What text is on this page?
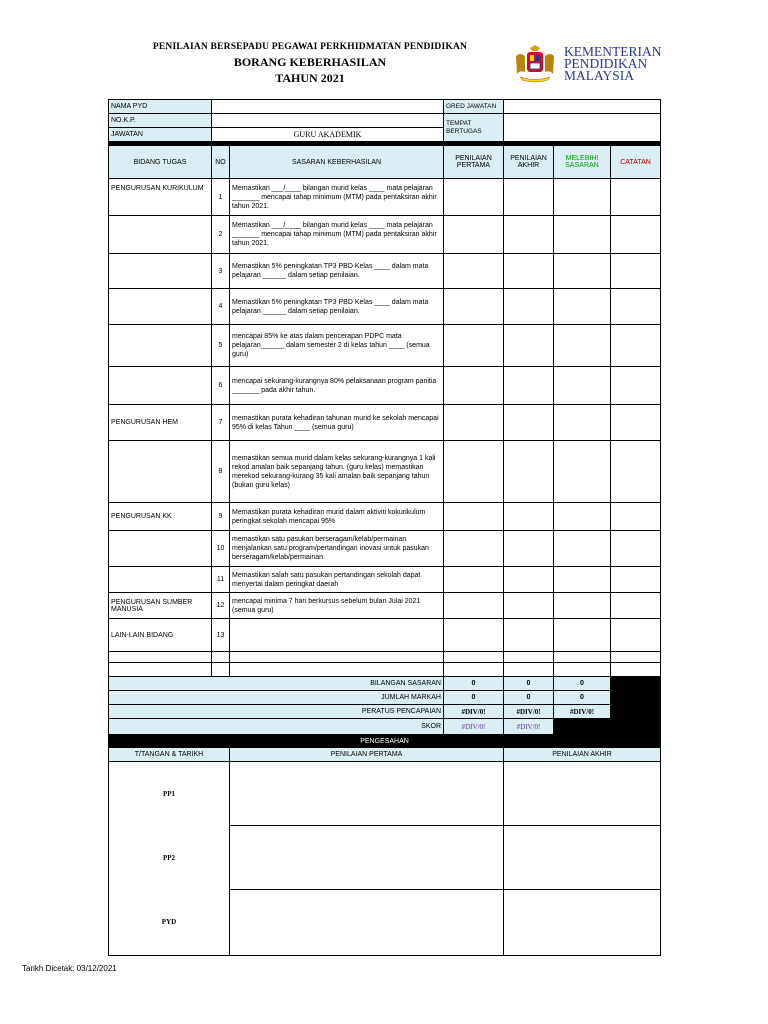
PENILAIAN BERSEPADU PEGAWAI PERKHIDMATAN PENDIDIKAN
BORANG KEBERHASILAN
TAHUN 2021
KEMENTERIAN
PENDIDIKAN
MALAYSIA
NAMA PYD			GRED JAWATAN			
NO.K.P.			TEMPAT BERTUGAS			
JAWATAN	GURU AKADEMIK					

BIDANG TUGAS	NO	SASARAN KEBERHASILAN	PENILAIAN PERTAMA	PENILAIAN AKHIR	MELEBIHI SASARAN	CATATAN
PENGURUSAN KURIKULUM	1	Memastikan ___/____ bilangan murid kelas ____ mata pelajaran _______ mencapai tahap minimum (MTM) pada pentaksiran akhir tahun 2021.				
	2	Memastikan ___/____ bilangan murid kelas ____ mata pelajaran _______ mencapai tahap minimum (MTM) pada pentaksiran akhir tahun 2021.				
	3	Memastikan 5% peningkatan TP3 PBD Kelas ____ dalam mata pelajaran ______ dalam setiap penilaian.				
	4	Memastikan 5% peningkatan TP3 PBD Kelas ____ dalam mata pelajaran ______ dalam setiap penilaian.				
	5	mencapai 85% ke atas dalam pencerapan PDPC mata pelajaran______ dalam semester 2 di kelas tahun ____ (semua guru)				
	6	mencapai sekurang-kurangnya 80% pelaksanaan program panitia _______ pada akhir tahun.				
PENGURUSAN HEM	7	memastikan purata kehadiran tahunan murid ke sekolah mencapai 95% di kelas Tahun ____ (semua guru)				
	8	memastikan semua murid dalam kelas sekurang-kurangnya 1 kali rekod amalan baik sepanjang tahun. (guru kelas) memastikan merekod sekurang-kurang 35 kali amalan baik sepanjang tahun (bukan guru kelas)				
PENGURUSAN KK	9	Memastikan purata kehadiran murid dalam aktiviti kokurikulum peringkat sekolah mencapai 95%				
	10	memastikan satu pasukan berseragam/kelab/permainan menjalankan satu program/pertandingan inovasi untuk pasukan berseragam/kelab/permainan				
	11	Memastikan salah satu pasukan pertandingan sekolah dapat menyertai dalam peringkat daerah				
PENGURUSAN SUMBER MANUSIA	12	mencapai minima 7 hari berkursus sebelum bulan Julai 2021 (semua guru)				
LAIN-LAIN BIDANG	13					

BILANGAN SASARAN			0	0	0	
JUMLAH MARKAH			0	0	0	
PERATUS PENCAPAIAN			#DIV/0!	#DIV/0!	#DIV/0!	
SKOR			#DIV/0!	#DIV/0!		
PENGESAHAN						
T/TANGAN & TARIKH		PENILAIAN PERTAMA		PENILAIAN AKHIR		
PP1						
PP2						
PYD						
Tarikh Dicetak: 03/12/2021
